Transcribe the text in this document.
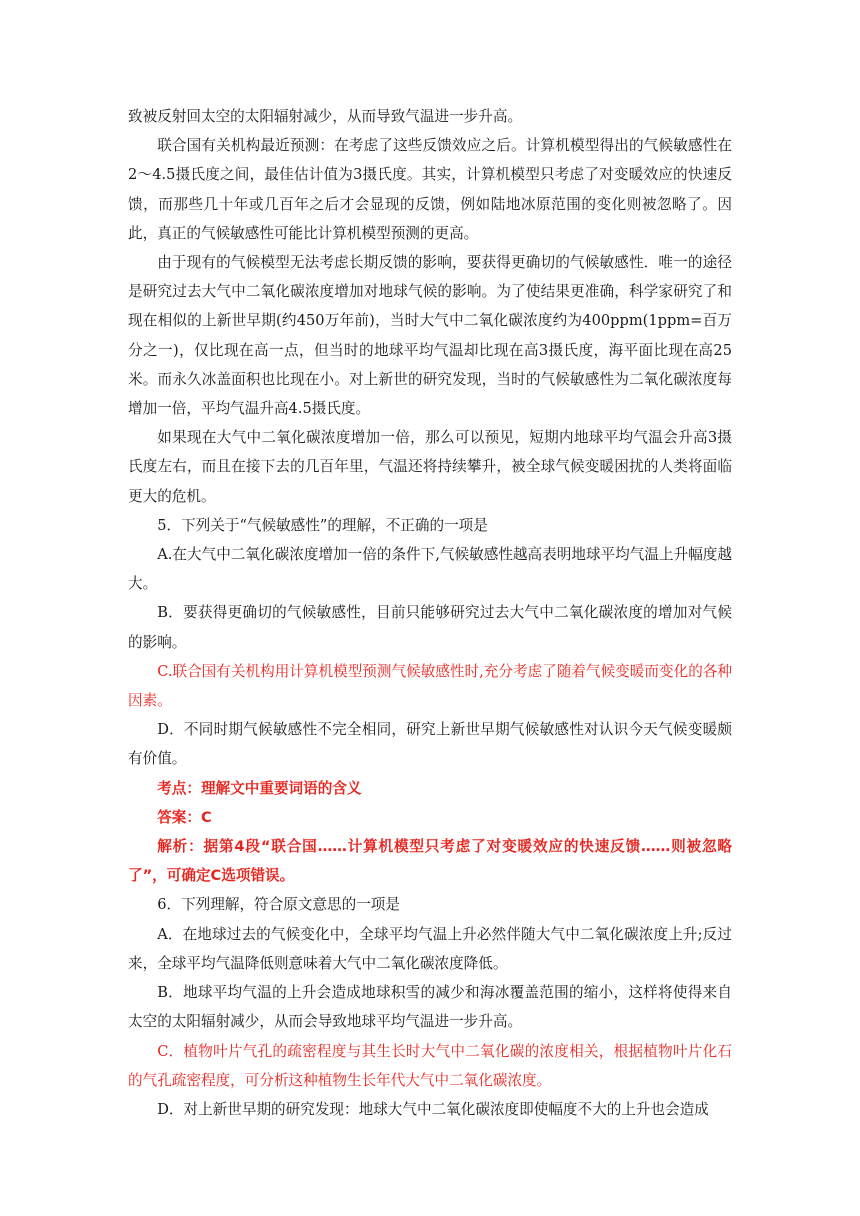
致被反射回太空的太阳辐射减少，从而导致气温进一步升高。

联合国有关机构最近预测：在考虑了这些反馈效应之后。计算机模型得出的气候敏感性在2～4.5摄氏度之间，最佳估计值为3摄氏度。其实，计算机模型只考虑了对变暖效应的快速反馈，而那些几十年或几百年之后才会显现的反馈，例如陆地冰原范围的变化则被忽略了。因此，真正的气候敏感性可能比计算机模型预测的更高。

由于现有的气候模型无法考虑长期反馈的影响，要获得更确切的气候敏感性．唯一的途径是研究过去大气中二氧化碳浓度增加对地球气候的影响。为了使结果更准确，科学家研究了和现在相似的上新世早期(约450万年前)，当时大气中二氧化碳浓度约为400ppm(1ppm=百万分之一)，仅比现在高一点，但当时的地球平均气温却比现在高3摄氏度，海平面比现在高25米。而永久冰盖面积也比现在小。对上新世的研究发现，当时的气候敏感性为二氧化碳浓度每增加一倍，平均气温升高4.5摄氏度。

如果现在大气中二氧化碳浓度增加一倍，那么可以预见，短期内地球平均气温会升高3摄氏度左右，而且在接下去的几百年里，气温还将持续攀升，被全球气候变暖困扰的人类将面临更大的危机。

5．下列关于“气候敏感性”的理解，不正确的一项是

A.在大气中二氧化碳浓度增加一倍的条件下,气候敏感性越高表明地球平均气温上升幅度越大。

B．要获得更确切的气候敏感性，目前只能够研究过去大气中二氧化碳浓度的增加对气候的影响。

C.联合国有关机构用计算机模型预测气候敏感性时,充分考虑了随着气候变暖而变化的各种因素。

D．不同时期气候敏感性不完全相同，研究上新世早期气候敏感性对认识今天气候变暖颇有价值。

考点：理解文中重要词语的含义

答案：C

解析：据第4段“联合国……计算机模型只考虑了对变暖效应的快速反馈……则被忽略了”，可确定C选项错误。

6．下列理解，符合原文意思的一项是

A．在地球过去的气候变化中，全球平均气温上升必然伴随大气中二氧化碳浓度上升;反过来，全球平均气温降低则意味着大气中二氧化碳浓度降低。

B．地球平均气温的上升会造成地球积雪的减少和海冰覆盖范围的缩小，这样将使得来自太空的太阳辐射减少，从而会导致地球平均气温进一步升高。

C．植物叶片气孔的疏密程度与其生长时大气中二氧化碳的浓度相关，根据植物叶片化石的气孔疏密程度，可分析这种植物生长年代大气中二氧化碳浓度。

D．对上新世早期的研究发现：地球大气中二氧化碳浓度即使幅度不大的上升也会造成
